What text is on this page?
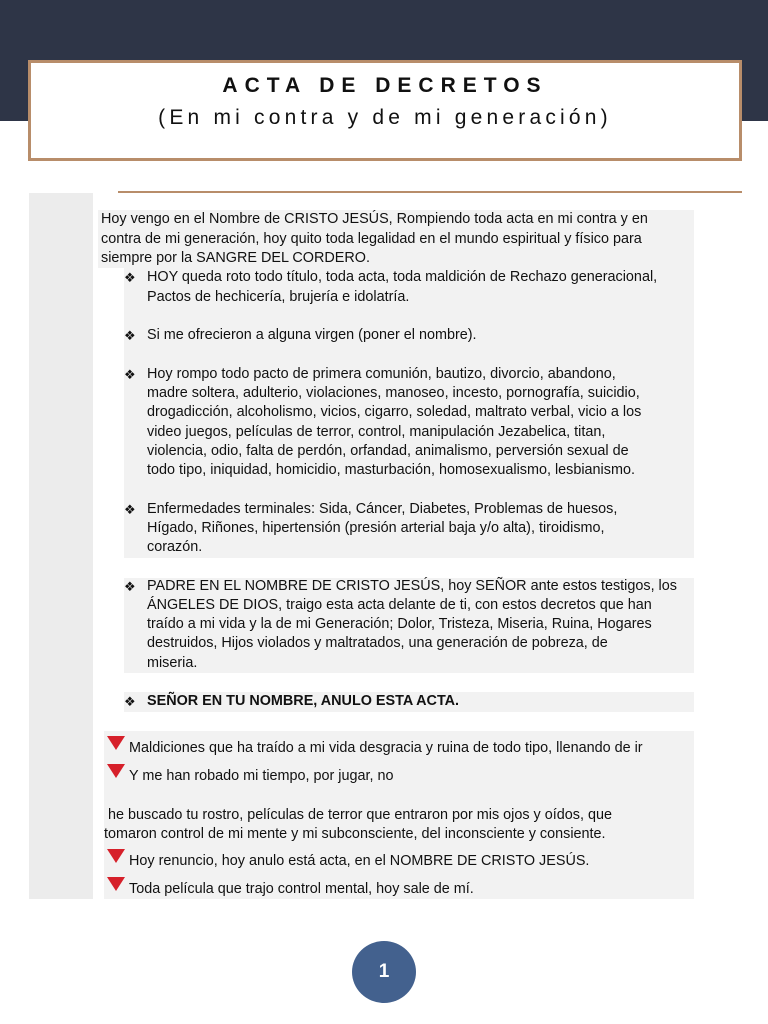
ACTA DE DECRETOS
(En mi contra y de mi generación)
Hoy vengo en el Nombre de CRISTO JESÚS, Rompiendo toda acta en mi contra y en
contra de mi generación, hoy quito toda legalidad en el mundo espiritual y físico para
siempre por la SANGRE DEL CORDERO.
❖ HOY queda roto todo título, toda acta, toda maldición de Rechazo generacional,
Pactos de hechicería, brujería e idolatría.
❖ Si me ofrecieron a alguna virgen (poner el nombre).
❖ Hoy rompo todo pacto de primera comunión, bautizo, divorcio, abandono,
madre soltera, adulterio, violaciones, manoseo, incesto, pornografía, suicidio,
drogadicción, alcoholismo, vicios, cigarro, soledad, maltrato verbal, vicio a los
video juegos, películas de terror, control, manipulación Jezabelica, titan,
violencia, odio, falta de perdón, orfandad, animalismo, perversión sexual de
todo tipo, iniquidad, homicidio, masturbación, homosexualismo, lesbianismo.
❖ Enfermedades terminales: Sida, Cáncer, Diabetes, Problemas de huesos,
Hígado, Riñones, hipertensión (presión arterial baja y/o alta), tiroidismo,
corazón.
❖ PADRE EN EL NOMBRE DE CRISTO JESÚS, hoy SEÑOR ante estos testigos, los
ÁNGELES DE DIOS, traigo esta acta delante de ti, con estos decretos que han
traído a mi vida y la de mi Generación; Dolor, Tristeza, Miseria, Ruina, Hogares
destruidos, Hijos violados y maltratados, una generación de pobreza, de
miseria.
❖ SEÑOR EN TU NOMBRE, ANULO ESTA ACTA.
Maldiciones que ha traído a mi vida desgracia y ruina de todo tipo, llenando de ir
Y me han robado mi tiempo, por jugar, no
he buscado tu rostro, películas de terror que entraron por mis ojos y oídos, que
tomaron control de mi mente y mi subconsciente, del inconsciente y consiente.
Hoy renuncio, hoy anulo está acta, en el NOMBRE DE CRISTO JESÚS.
Toda película que trajo control mental, hoy sale de mí.
1
